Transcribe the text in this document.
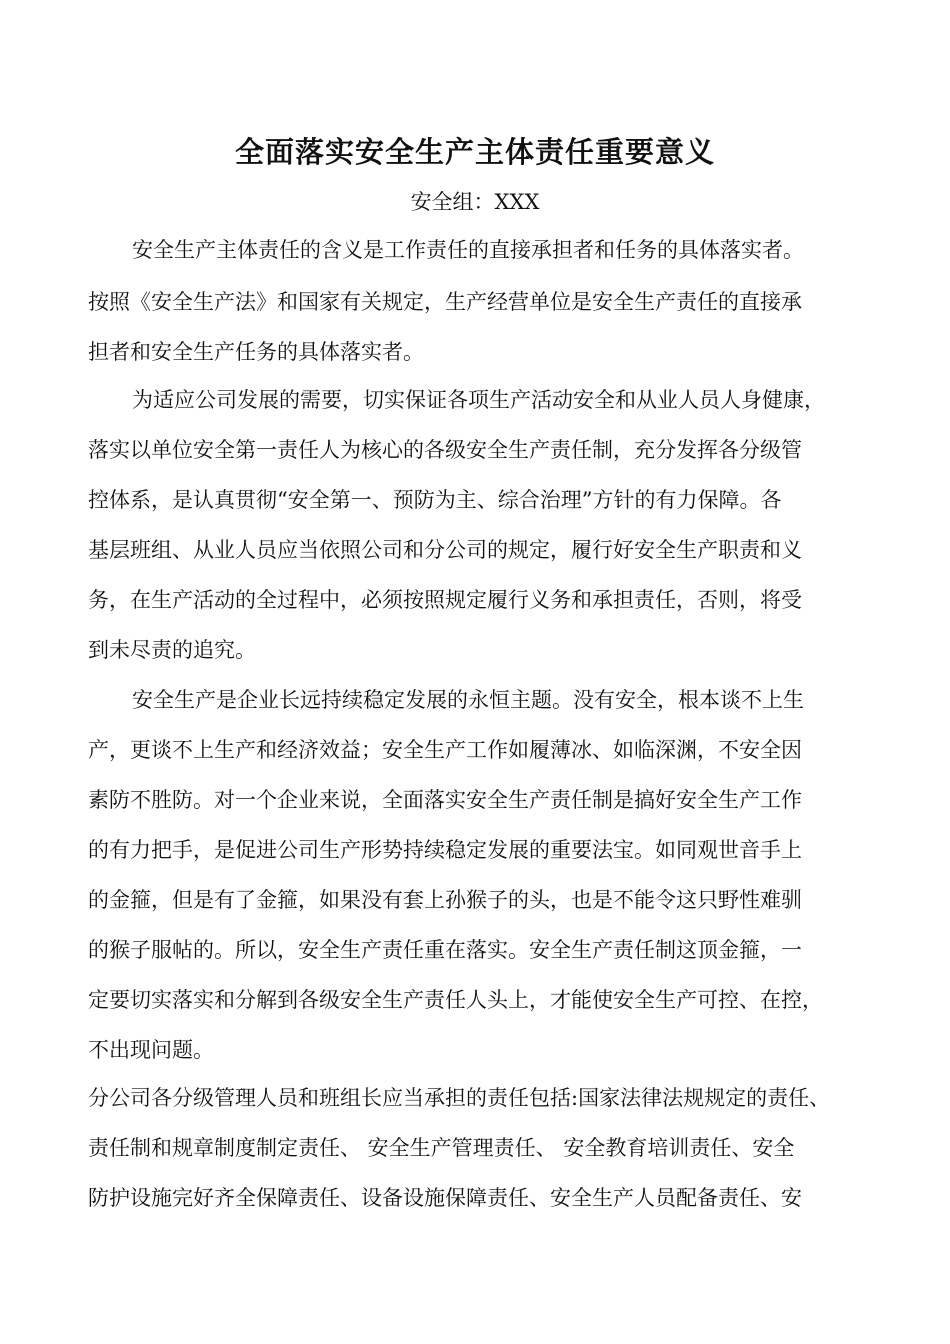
全面落实安全生产主体责任重要意义
安全组：XXX
安全生产主体责任的含义是工作责任的直接承担者和任务的具体落实者。
按照《安全生产法》和国家有关规定，生产经营单位是安全生产责任的直接承
担者和安全生产任务的具体落实者。
为适应公司发展的需要，切实保证各项生产活动安全和从业人员人身健康，
落实以单位安全第一责任人为核心的各级安全生产责任制，充分发挥各分级管
控体系，是认真贯彻“安全第一、预防为主、综合治理”方针的有力保障。各
基层班组、从业人员应当依照公司和分公司的规定，履行好安全生产职责和义
务，在生产活动的全过程中，必须按照规定履行义务和承担责任，否则，将受
到未尽责的追究。
安全生产是企业长远持续稳定发展的永恒主题。没有安全，根本谈不上生
产，更谈不上生产和经济效益；安全生产工作如履薄冰、如临深渊，不安全因
素防不胜防。对一个企业来说，全面落实安全生产责任制是搞好安全生产工作
的有力把手，是促进公司生产形势持续稳定发展的重要法宝。如同观世音手上
的金箍，但是有了金箍，如果没有套上孙猴子的头，也是不能令这只野性难驯
的猴子服帖的。所以，安全生产责任重在落实。安全生产责任制这顶金箍，一
定要切实落实和分解到各级安全生产责任人头上，才能使安全生产可控、在控，
不出现问题。
分公司各分级管理人员和班组长应当承担的责任包括:国家法律法规规定的责任、
责任制和规章制度制定责任、 安全生产管理责任、 安全教育培训责任、安全
防护设施完好齐全保障责任、设备设施保障责任、安全生产人员配备责任、安
